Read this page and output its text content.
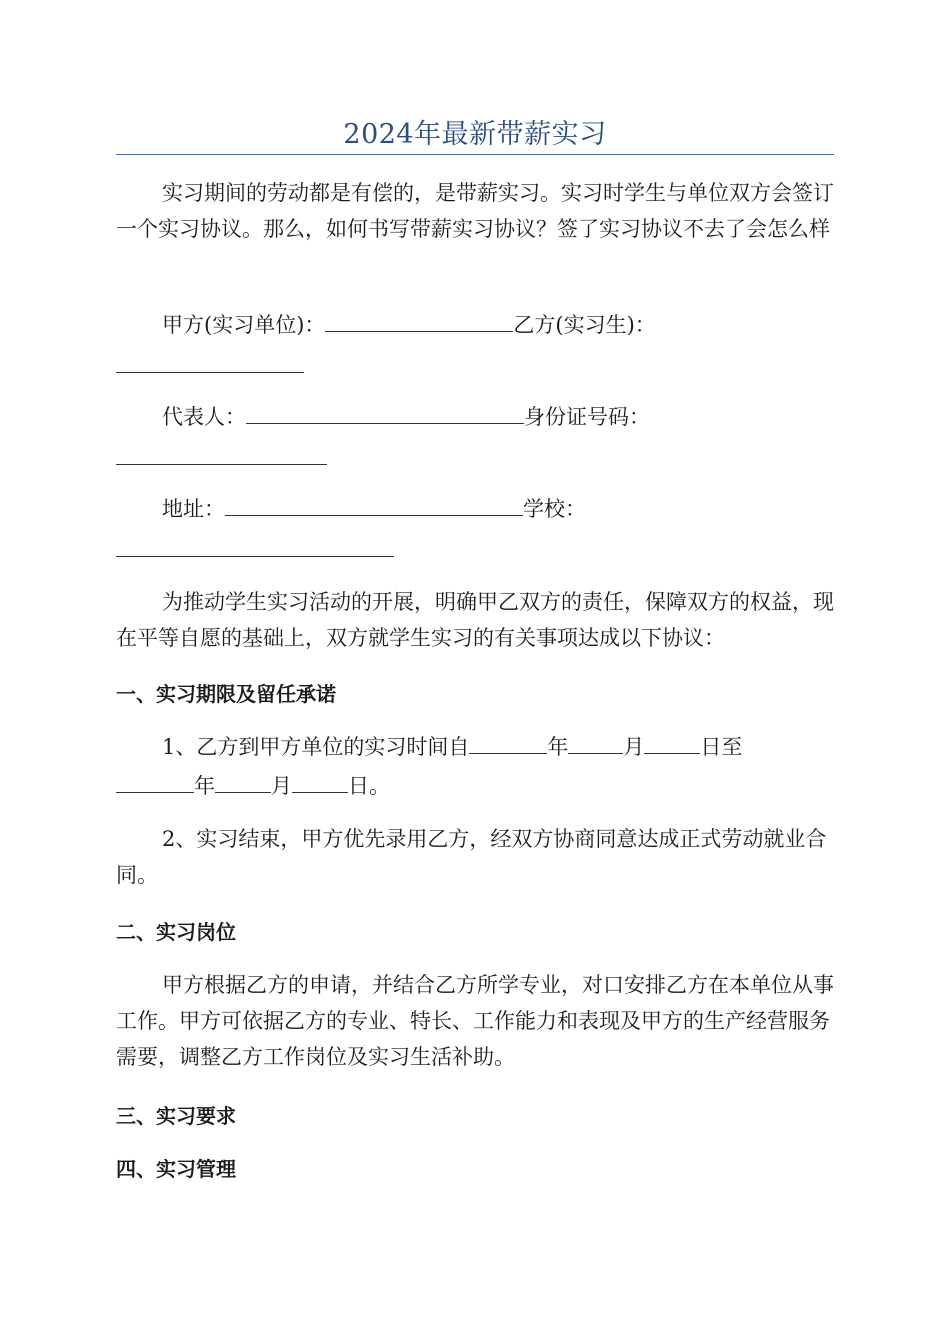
2024年最新带薪实习

实习期间的劳动都是有偿的，是带薪实习。实习时学生与单位双方会签订一个实习协议。那么，如何书写带薪实习协议？签了实习协议不去了会怎么样

甲方(实习单位)：	乙方(实习生)：
代表人：	身份证号码：
地址：	学校：

为推动学生实习活动的开展，明确甲乙双方的责任，保障双方的权益，现在平等自愿的基础上，双方就学生实习的有关事项达成以下协议：

一、实习期限及留任承诺
1、乙方到甲方单位的实习时间自	年	月	日至
年	月	日。

2、实习结束，甲方优先录用乙方，经双方协商同意达成正式劳动就业合同。

二、实习岗位

甲方根据乙方的申请，并结合乙方所学专业，对口安排乙方在本单位从事工作。甲方可依据乙方的专业、特长、工作能力和表现及甲方的生产经营服务需要，调整乙方工作岗位及实习生活补助。

三、实习要求
四、实习管理
